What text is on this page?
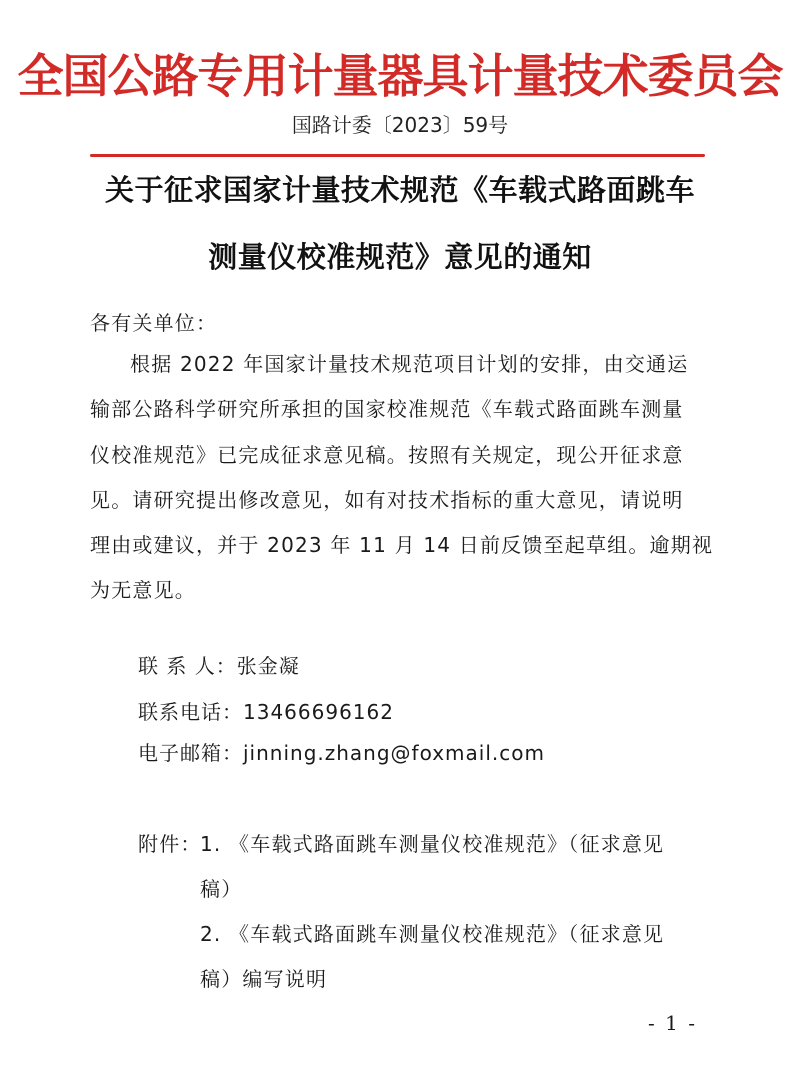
全国公路专用计量器具计量技术委员会
国路计委〔2023〕59号
关于征求国家计量技术规范《车载式路面跳车
测量仪校准规范》意见的通知
各有关单位：
根据 2022 年国家计量技术规范项目计划的安排，由交通运
输部公路科学研究所承担的国家校准规范《车载式路面跳车测量
仪校准规范》已完成征求意见稿。按照有关规定，现公开征求意
见。请研究提出修改意见，如有对技术指标的重大意见，请说明
理由或建议，并于 2023 年 11 月 14 日前反馈至起草组。逾期视
为无意见。
联 系 人：张金凝
联系电话：13466696162
电子邮箱：jinning.zhang@foxmail.com
附件：
1. 《车载式路面跳车测量仪校准规范》（征求意见
稿）
2. 《车载式路面跳车测量仪校准规范》（征求意见
稿）编写说明
- 1 -
